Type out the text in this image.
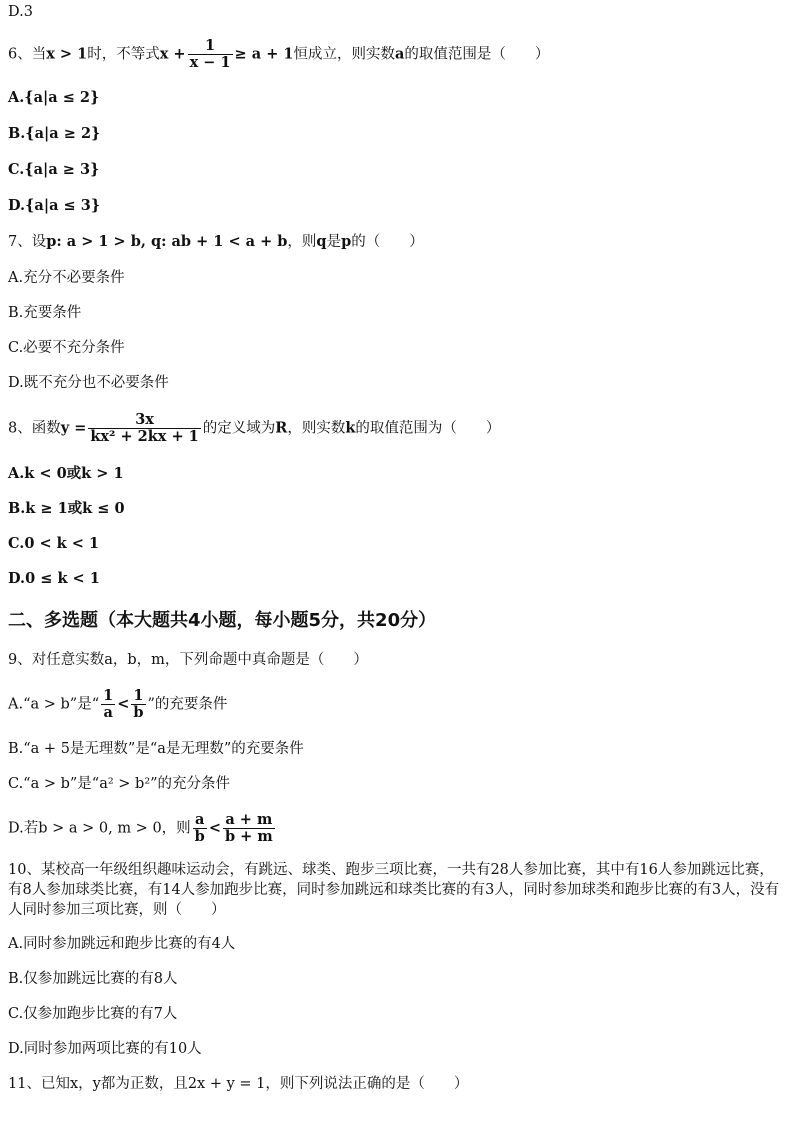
D.3
6、当x > 1时，不等式$x + \frac{1}{x - 1} \ge a + 1$恒成立，则实数a的取值范围是（　　）
A.{a|a ≤ 2}
B.{a|a ≥ 2}
C.{a|a ≥ 3}
D.{a|a ≤ 3}
7、设p: a > 1 > b, q: ab + 1 < a + b，则q是p的（　　）
A.充分不必要条件
B.充要条件
C.必要不充分条件
D.既不充分也不必要条件
8、函数$y = \frac{3x}{\text{kx² + 2kx + 1}}$ 的定义域为R，则实数k的取值范围为（　　）
A.k < 0或k > 1
B.k ≥ 1或k ≤ 0
C.0 < k < 1
D.0 ≤ k < 1
二、多选题（本大题共4小题，每小题5分，共20分）
9、对任意实数a，b，m，下列命题中真命题是（　　）
A.“a > b”是“ $\frac{1}{a} < \frac{1}{b}$ ”的充要条件
B.“a + 5是无理数”是“a是无理数”的充要条件
C.“a > b”是“a² > b²”的充分条件
D.若b > a > 0, m > 0，则 $\frac{a}{b} < \frac{a + m}{b + m}$
10、某校高一年级组织趣味运动会，有跳远、球类、跑步三项比赛，一共有28人参加比赛，其中有16人参加跳远比赛，有8人参加球类比赛，有14人参加跑步比赛，同时参加跳远和球类比赛的有3人，同时参加球类和跑步比赛的有3人，没有人同时参加三项比赛，则（　　）
A.同时参加跳远和跑步比赛的有4人
B.仅参加跳远比赛的有8人
C.仅参加跑步比赛的有7人
D.同时参加两项比赛的有10人
11、已知x，y都为正数，且2x + y = 1，则下列说法正确的是（　　）
